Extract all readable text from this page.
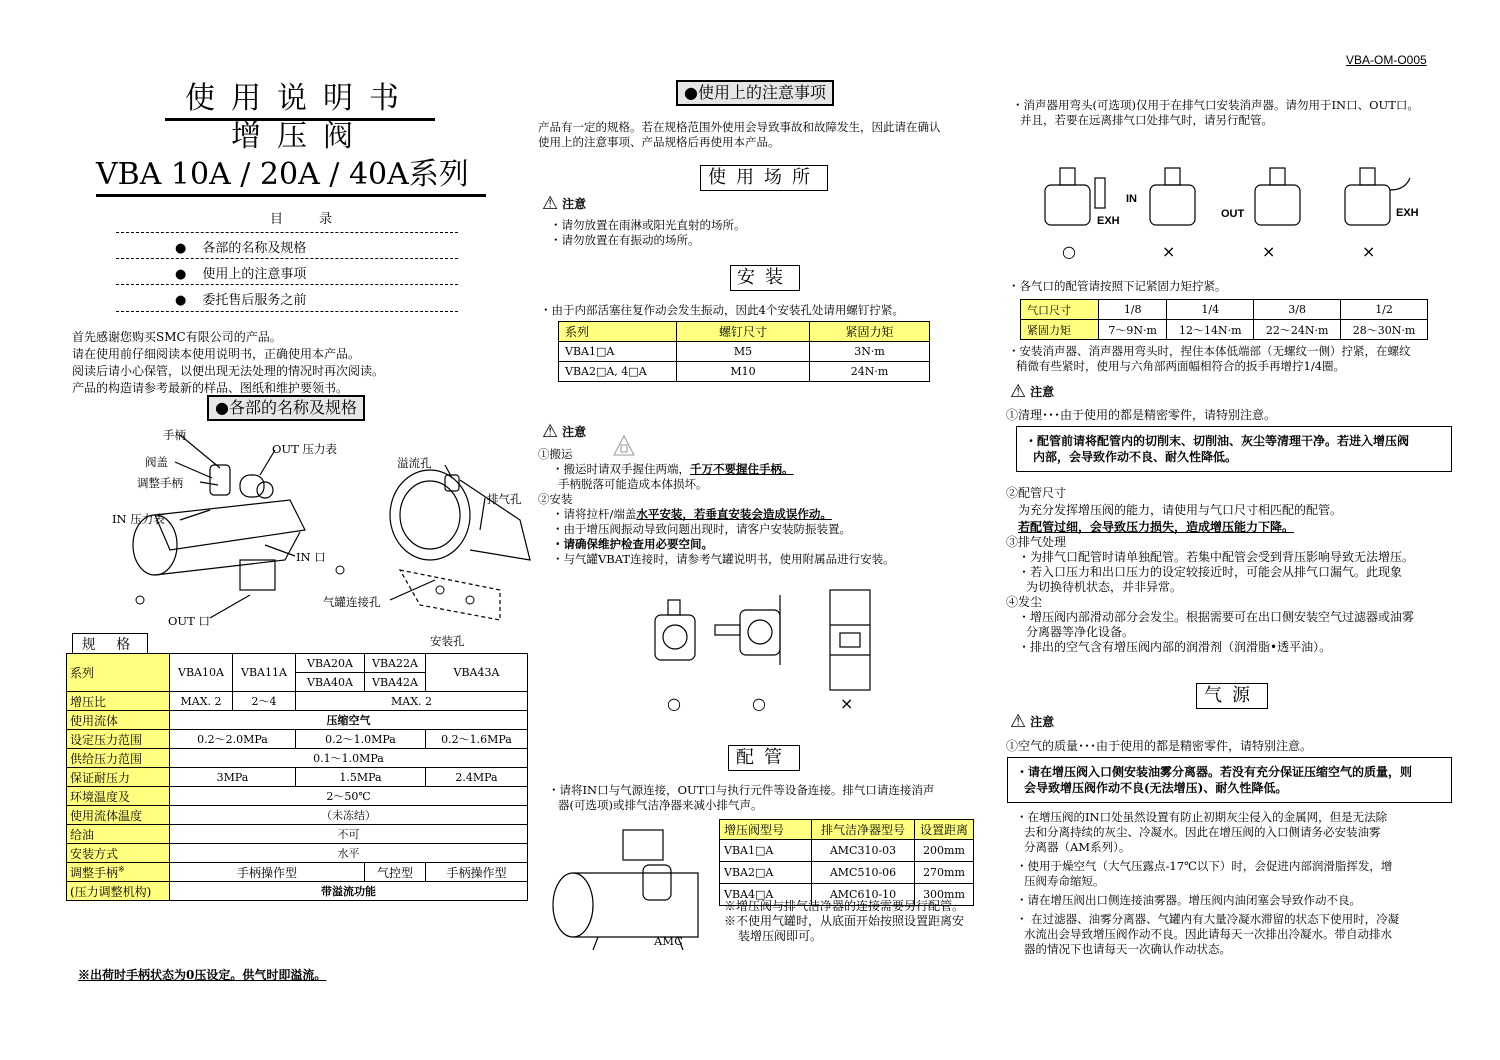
VBA-OM-O005
使用说明书
增压阀
VBA 10A / 20A / 40A系列
目 录
● 各部的名称及规格
● 使用上的注意事项
● 委托售后服务之前

首先感谢您购买SMC有限公司的产品。

请在使用前仔细阅读本使用说明书，正确使用本产品。

阅读后请小心保管，以便出现无法处理的情况时再次阅读。

产品的构造请参考最新的样品、图纸和维护要领书。

●各部的名称及规格
手柄
阀盖
调整手柄
IN 压力表
OUT 压力表
IN 口
OUT 口
溢流孔
排气孔
气罐连接孔
安装孔
规 格
系列	VBA10A	VBA11A	VBA20A	VBA22A	VBA43A
			VBA40A	VBA42A	
增压比	MAX. 2	2～4	MAX. 2		
使用流体	压缩空气				
设定压力范围	0.2～2.0MPa		0.2～1.0MPa		0.2～1.6MPa
供给压力范围	0.1～1.0MPa				
保证耐压力	3MPa		1.5MPa		2.4MPa
环境温度及	2～50℃				
使用流体温度	（未冻结）				
给油	不可				
安装方式	水平				
调整手柄※	手柄操作型			气控型	手柄操作型
(压力调整机构)	带溢流功能				
※出荷时手柄状态为0压设定。供气时即溢流。
●使用上的注意事项

产品有一定的规格。若在规格范围外使用会导致事故和故障发生，因此请在确认

使用上的注意事项、产品规格后再使用本产品。

使用场所
⚠ 注意

・请勿放置在雨淋或阳光直射的场所。

・请勿放置在有振动的场所。

安装
・由于内部活塞往复作动会发生振动，因此4个安装孔处请用螺钉拧紧。
系列	螺钉尺寸	紧固力矩
VBA1□A	M5	3N·m
VBA2□A, 4□A	M10	24N·m
⚠ 注意

①搬运

・搬运时请双手握住两端，千万不要握住手柄。

手柄脱落可能造成本体损坏。

②安装

・请将拉杆/端盖水平安装，若垂直安装会造成误作动。

・由于增压阀振动导致问题出现时，请客户安装防振装置。

・请确保维护检查用必要空间。

・与气罐VBAT连接时，请参考气罐说明书，使用附属品进行安装。

○	○	×
配管

・请将IN口与气源连接，OUT口与执行元件等设备连接。排气口请连接消声

器(可选项)或排气洁净器来减小排气声。

AMC
增压阀型号	排气洁净器型号	设置距离
VBA1□A	AMC310-03	200mm
VBA2□A	AMC510-06	270mm
VBA4□A	AMC610-10	300mm

※增压阀与排气洁净器的连接需要另行配管。

※不使用气罐时，从底面开始按照设置距离安

装增压阀即可。

・消声器用弯头(可选项)仅用于在排气口安装消声器。请勿用于IN口、OUT口。

并且，若要在远离排气口处排气时，请另行配管。

EXH
IN
OUT	EXH
○	×	×	×
・各气口的配管请按照下记紧固力矩拧紧。
气口尺寸	1/8	1/4	3/8	1/2
紧固力矩	7～9N·m	12～14N·m	22～24N·m	28～30N·m

・安装消声器、消声器用弯头时，捏住本体低端部（无螺纹一侧）拧紧，在螺纹

稍微有些紧时，使用与六角部两面幅相符合的扳手再增拧1/4圈。

⚠ 注意
①清理･･･由于使用的都是精密零件，请特别注意。
・配管前请将配管内的切削末、切削油、灰尘等清理干净。若进入增压阀
内部，会导致作动不良、耐久性降低。

②配管尺寸

为充分发挥增压阀的能力，请使用与气口尺寸相匹配的配管。

若配管过细，会导致压力损失，造成增压能力下降。

③排气处理

・为排气口配管时请单独配管。若集中配管会受到背压影响导致无法增压。

・若入口压力和出口压力的设定较接近时，可能会从排气口漏气。此现象

为切换待机状态，并非异常。

④发尘

・增压阀内部滑动部分会发尘。根据需要可在出口侧安装空气过滤器或油雾

分离器等净化设备。

・排出的空气含有增压阀内部的润滑剂（润滑脂•透平油）。

气源
⚠ 注意
①空气的质量･･･由于使用的都是精密零件，请特别注意。
・请在增压阀入口侧安装油雾分离器。若没有充分保证压缩空气的质量，则
会导致增压阀作动不良(无法增压)、耐久性降低。

・在增压阀的IN口处虽然设置有防止初期灰尘侵入的金属网，但是无法除

去和分离持续的灰尘、冷凝水。因此在增压阀的入口侧请务必安装油雾

分离器（AM系列）。

・使用于燥空气（大气压露点-17℃以下）时，会促进内部润滑脂挥发，增

压阀寿命缩短。

・请在增压阀出口侧连接油雾器。增压阀内油闭塞会导致作动不良。

・ 在过滤器、油雾分离器、气罐内有大量冷凝水滞留的状态下使用时，冷凝

水流出会导致增压阀作动不良。因此请每天一次排出冷凝水。带自动排水

器的情况下也请每天一次确认作动状态。
